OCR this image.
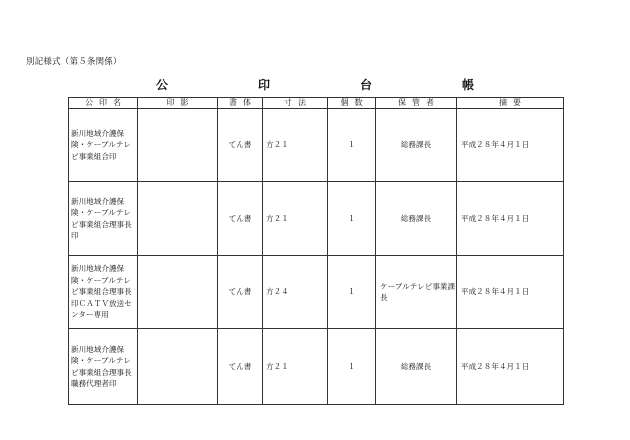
別記様式（第５条関係）
公　　印　　台　　帳
公印名	印影	書体	寸法	個数	保管者	摘要

新川地域介護保険・ケーブルテレビ事業組合印		てん書	方２１	１	総務課長	平成２８年４月１日

新川地域介護保険・ケーブルテレビ事業組合理事長印		てん書	方２１	１	総務課長	平成２８年４月１日

新川地域介護保険・ケーブルテレビ事業組合理事長印ＣＡＴＶ放送センター専用		てん書	方２４	１	ケーブルテレビ事業課長	平成２８年４月１日

新川地域介護保険・ケーブルテレビ事業組合理事長職務代理者印		てん書	方２１	１	総務課長	平成２８年４月１日
